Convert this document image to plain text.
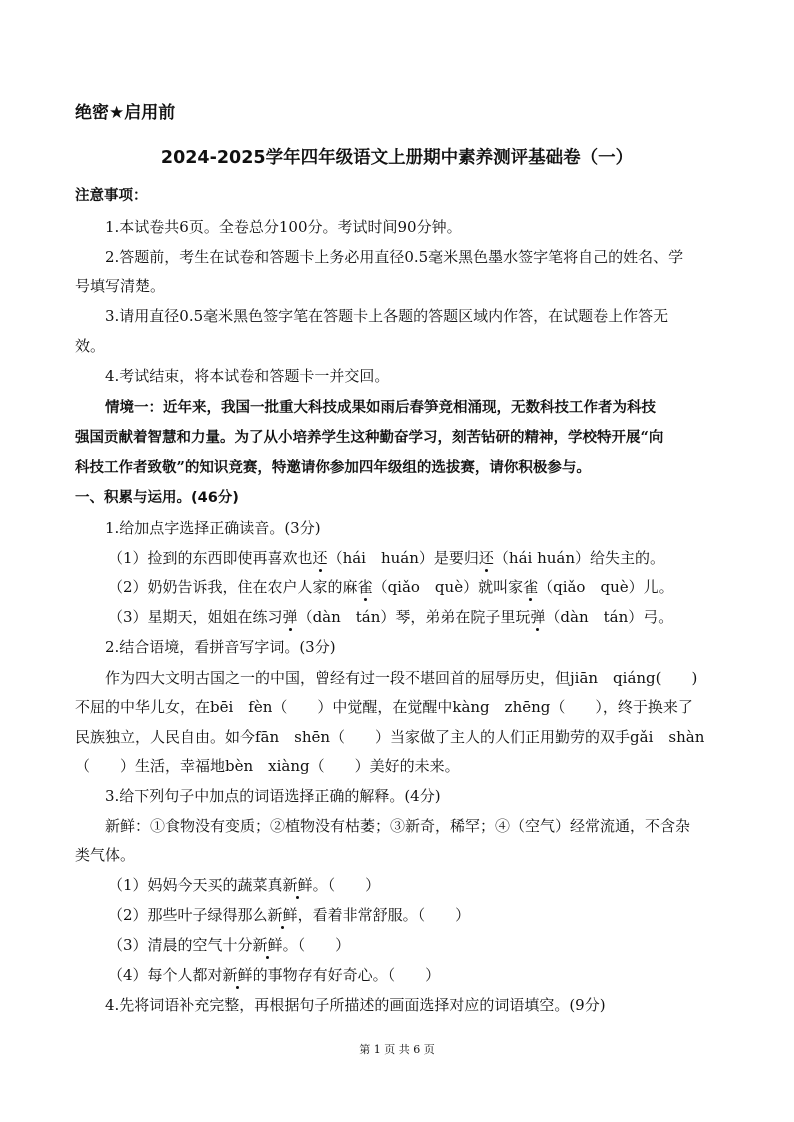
绝密★启用前
2024-2025学年四年级语文上册期中素养测评基础卷（一）
注意事项：
1.本试卷共6页。全卷总分100分。考试时间90分钟。
2.答题前，考生在试卷和答题卡上务必用直径0.5毫米黑色墨水签字笔将自己的姓名、学
号填写清楚。
3.请用直径0.5毫米黑色签字笔在答题卡上各题的答题区域内作答，在试题卷上作答无
效。
4.考试结束，将本试卷和答题卡一并交回。
情境一：近年来，我国一批重大科技成果如雨后春笋竞相涌现，无数科技工作者为科技
强国贡献着智慧和力量。为了从小培养学生这种勤奋学习，刻苦钻研的精神，学校特开展“向
科技工作者致敬”的知识竞赛，特邀请你参加四年级组的选拔赛，请你积极参与。
一、积累与运用。(46分)
1.给加点字选择正确读音。(3分)
（1）捡到的东西即使再喜欢也还（hái　huán）是要归还（hái huán）给失主的。
（2）奶奶告诉我，住在农户人家的麻雀（qiǎo　què）就叫家雀（qiǎo　què）儿。
（3）星期天，姐姐在练习弹（dàn　tán）琴，弟弟在院子里玩弹（dàn　tán）弓。
2.结合语境，看拼音写字词。(3分)
作为四大文明古国之一的中国，曾经有过一段不堪回首的屈辱历史，但jiān　qiáng(　　)
不屈的中华儿女，在bēi　fèn（　　）中觉醒，在觉醒中kàng　zhēng（　　），终于换来了
民族独立，人民自由。如今fān　shēn（　　）当家做了主人的人们正用勤劳的双手gǎi　shàn
（　　）生活，幸福地bèn　xiàng（　　）美好的未来。
3.给下列句子中加点的词语选择正确的解释。(4分)
新鲜：①食物没有变质；②植物没有枯萎；③新奇，稀罕；④（空气）经常流通，不含杂
类气体。
（1）妈妈今天买的蔬菜真新鲜。（　　）
（2）那些叶子绿得那么新鲜，看着非常舒服。（　　）
（3）清晨的空气十分新鲜。（　　）
（4）每个人都对新鲜的事物存有好奇心。（　　）
4.先将词语补充完整，再根据句子所描述的画面选择对应的词语填空。(9分)
第 1 页 共 6 页
